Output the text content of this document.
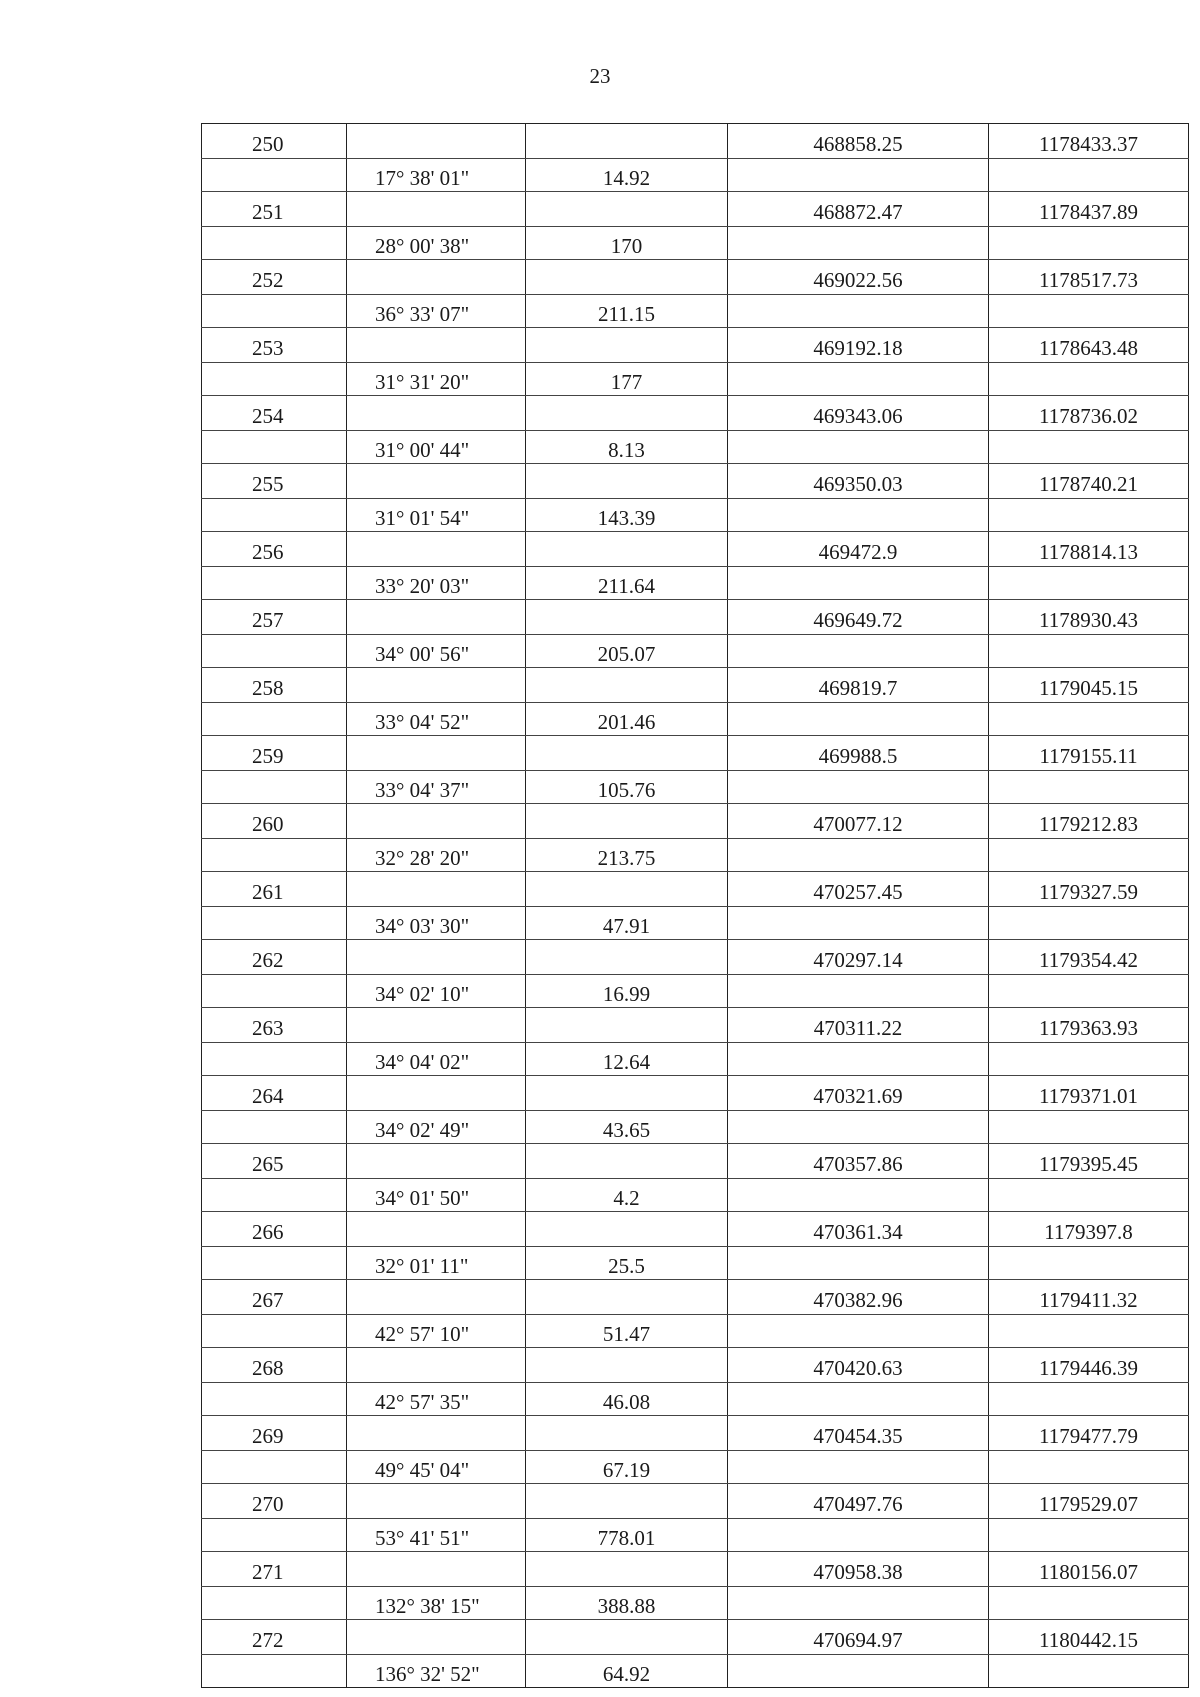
23
250			468858.25	1178433.37
	17° 38' 01"	14.92		
251			468872.47	1178437.89
	28° 00' 38"	170		
252			469022.56	1178517.73
	36° 33' 07"	211.15		
253			469192.18	1178643.48
	31° 31' 20"	177		
254			469343.06	1178736.02
	31° 00' 44"	8.13		
255			469350.03	1178740.21
	31° 01' 54"	143.39		
256			469472.9	1178814.13
	33° 20' 03"	211.64		
257			469649.72	1178930.43
	34° 00' 56"	205.07		
258			469819.7	1179045.15
	33° 04' 52"	201.46		
259			469988.5	1179155.11
	33° 04' 37"	105.76		
260			470077.12	1179212.83
	32° 28' 20"	213.75		
261			470257.45	1179327.59
	34° 03' 30"	47.91		
262			470297.14	1179354.42
	34° 02' 10"	16.99		
263			470311.22	1179363.93
	34° 04' 02"	12.64		
264			470321.69	1179371.01
	34° 02' 49"	43.65		
265			470357.86	1179395.45
	34° 01' 50"	4.2		
266			470361.34	1179397.8
	32° 01' 11"	25.5		
267			470382.96	1179411.32
	42° 57' 10"	51.47		
268			470420.63	1179446.39
	42° 57' 35"	46.08		
269			470454.35	1179477.79
	49° 45' 04"	67.19		
270			470497.76	1179529.07
	53° 41' 51"	778.01		
271			470958.38	1180156.07
	132° 38' 15"	388.88		
272			470694.97	1180442.15
	136° 32' 52"	64.92		
